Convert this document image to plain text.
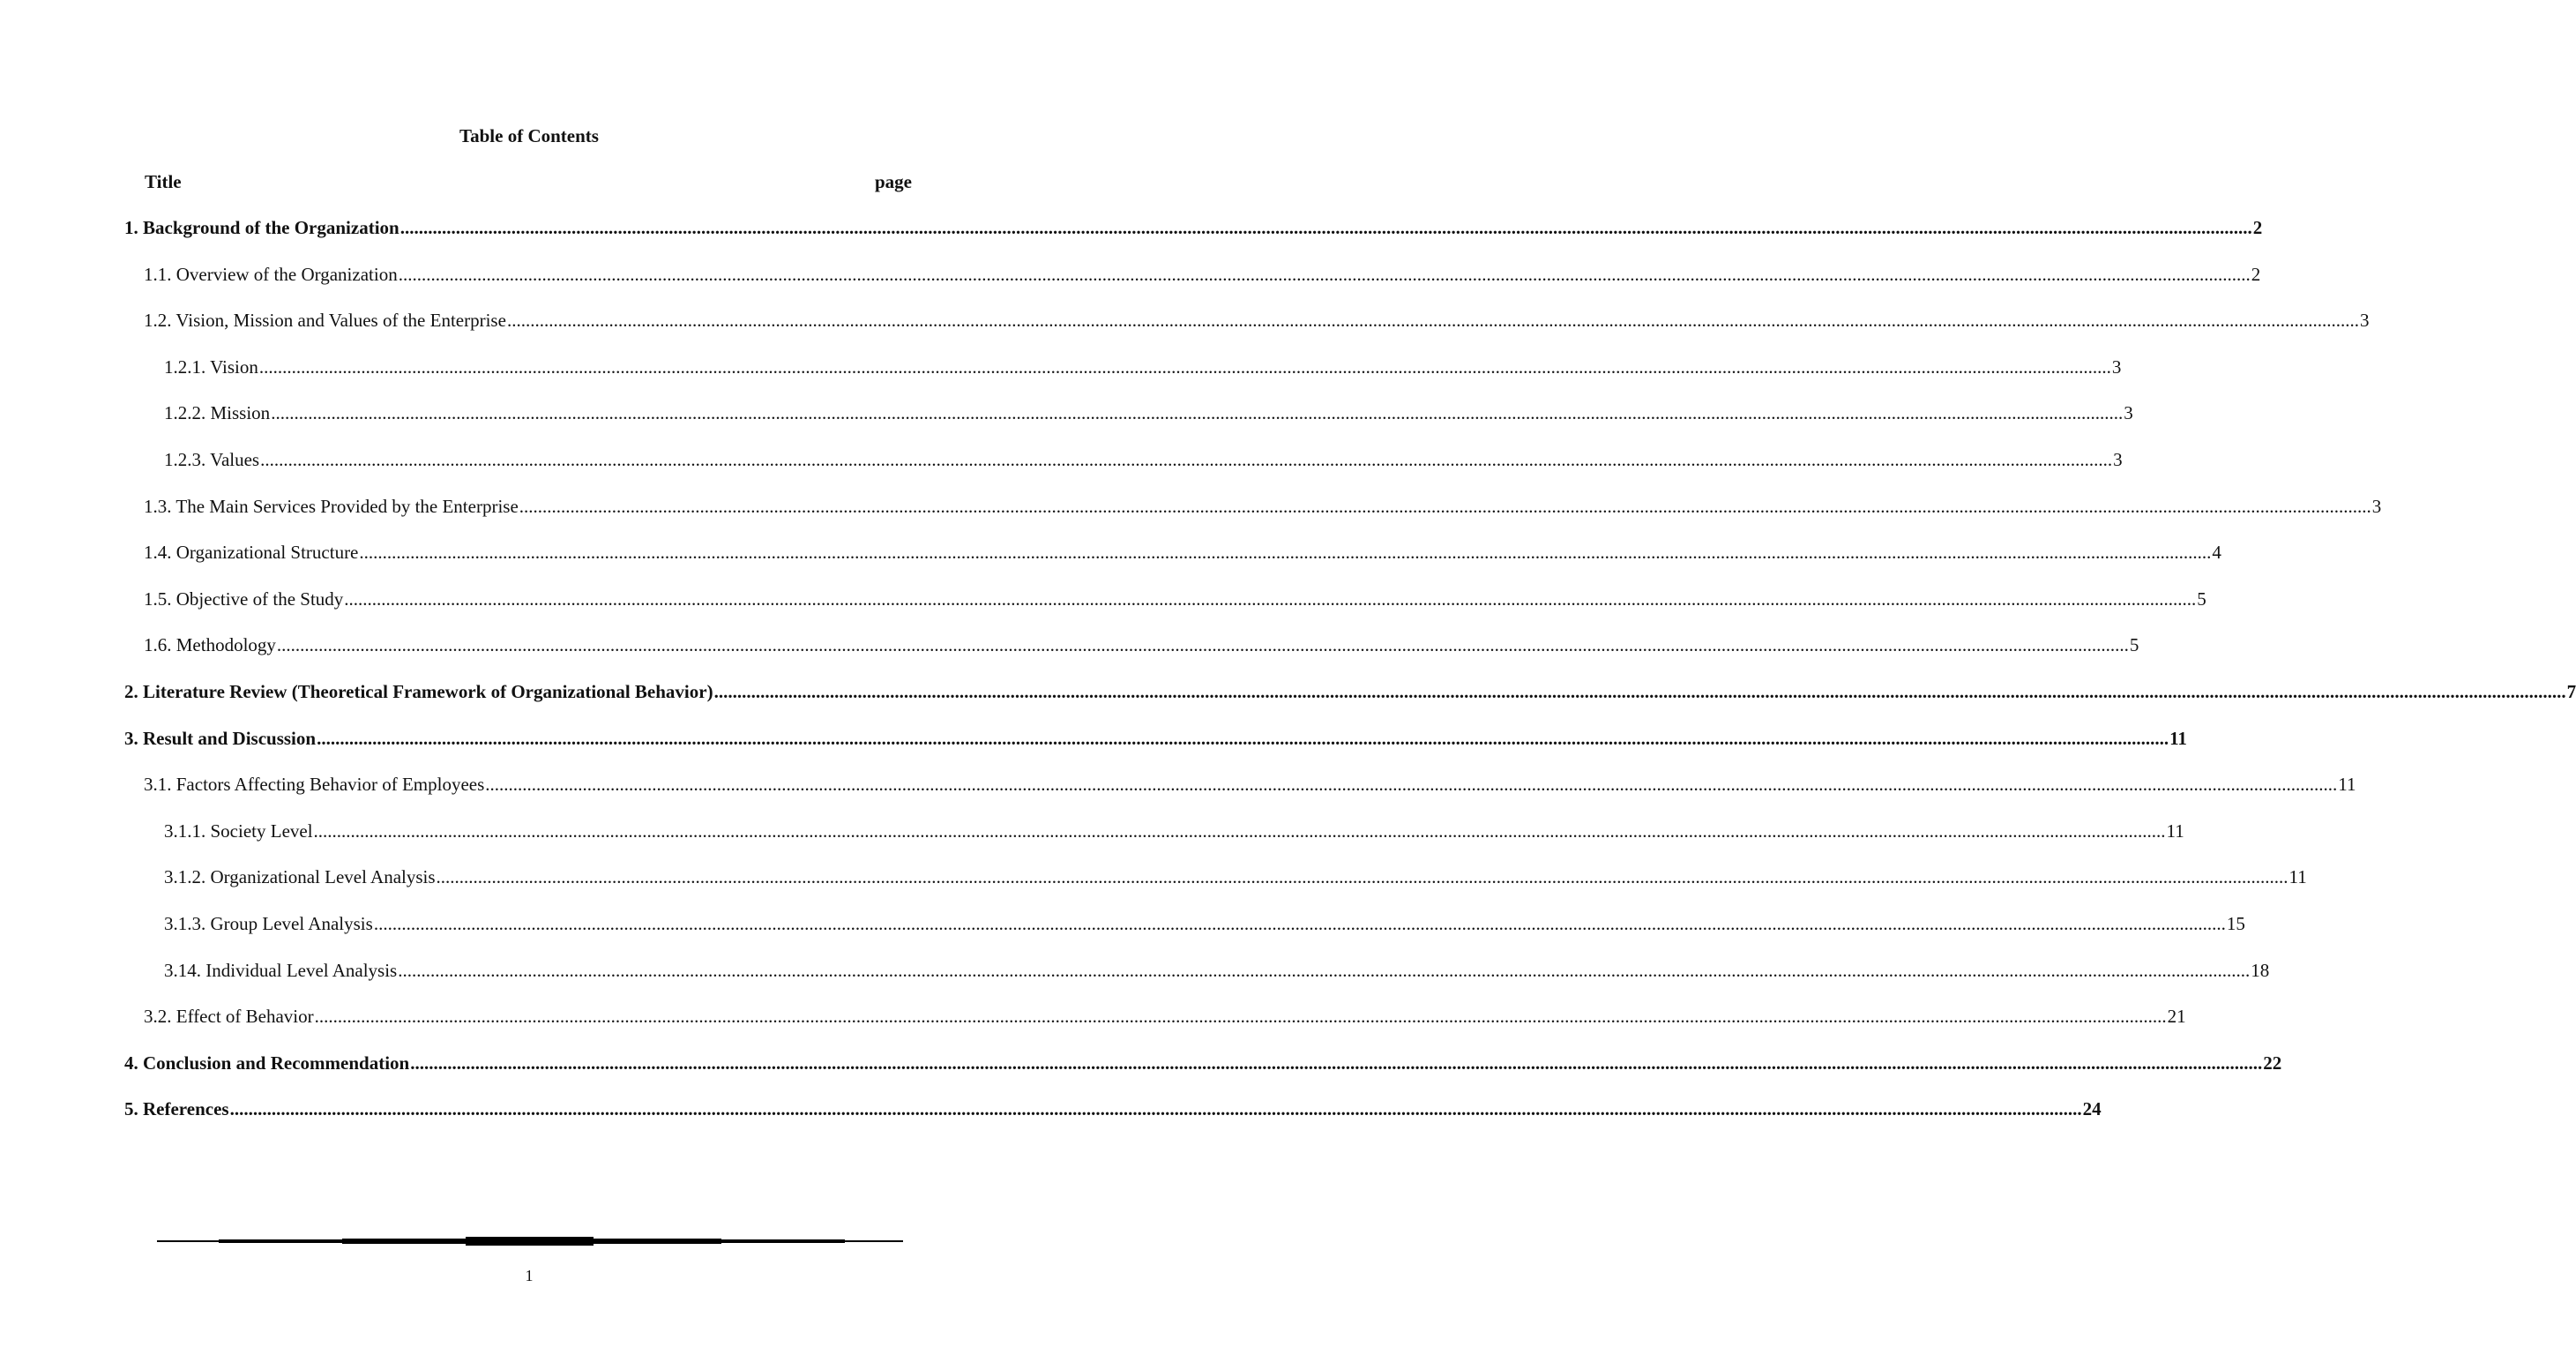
Table of Contents
Title	page
1. Background of the Organization ................................................................................................................................................................................................................................................................................................................................................................................................................ 2
1.1. Overview of the Organization ................................................................................................................................................................................................................................................................................................................................................................................................................ 2
1.2. Vision, Mission and Values of the Enterprise ................................................................................................................................................................................................................................................................................................................................................................................................................ 3
1.2.1. Vision ................................................................................................................................................................................................................................................................................................................................................................................................................ 3
1.2.2. Mission ................................................................................................................................................................................................................................................................................................................................................................................................................ 3
1.2.3. Values ................................................................................................................................................................................................................................................................................................................................................................................................................ 3
1.3. The Main Services Provided by the Enterprise ................................................................................................................................................................................................................................................................................................................................................................................................................ 3
1.4. Organizational Structure ................................................................................................................................................................................................................................................................................................................................................................................................................ 4
1.5. Objective of the Study ................................................................................................................................................................................................................................................................................................................................................................................................................ 5
1.6. Methodology ................................................................................................................................................................................................................................................................................................................................................................................................................ 5
2. Literature Review (Theoretical Framework of Organizational Behavior) ................................................................................................................................................................................................................................................................................................................................................................................................................ 7
3. Result and Discussion ................................................................................................................................................................................................................................................................................................................................................................................................................ 11
3.1. Factors Affecting Behavior of Employees ................................................................................................................................................................................................................................................................................................................................................................................................................ 11
3.1.1. Society Level ................................................................................................................................................................................................................................................................................................................................................................................................................ 11
3.1.2. Organizational Level Analysis ................................................................................................................................................................................................................................................................................................................................................................................................................ 11
3.1.3. Group Level Analysis ................................................................................................................................................................................................................................................................................................................................................................................................................ 15
3.14. Individual Level Analysis ................................................................................................................................................................................................................................................................................................................................................................................................................ 18
3.2. Effect of Behavior ................................................................................................................................................................................................................................................................................................................................................................................................................ 21
4. Conclusion and Recommendation ................................................................................................................................................................................................................................................................................................................................................................................................................ 22
5. References ................................................................................................................................................................................................................................................................................................................................................................................................................ 24
1
